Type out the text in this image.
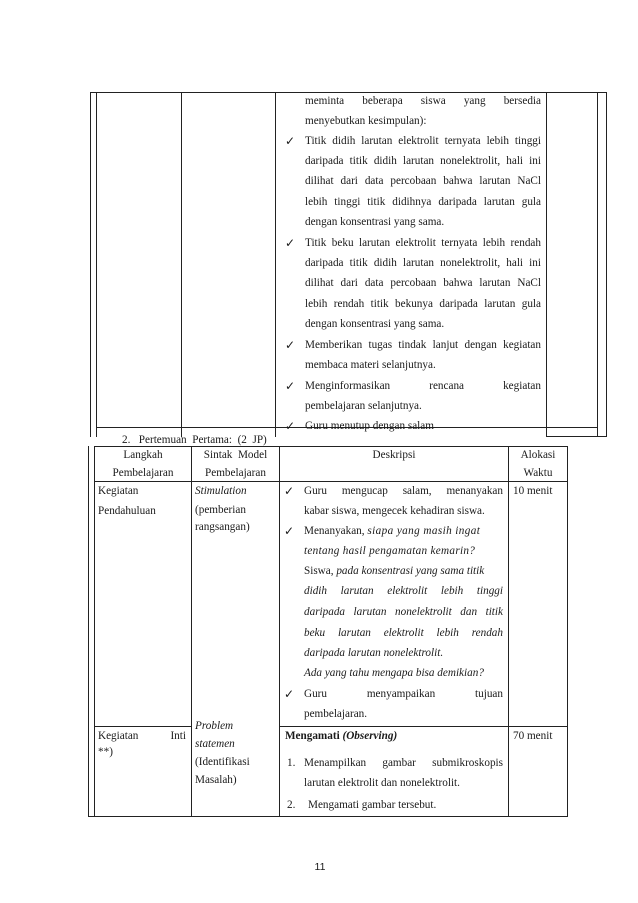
meminta beberapa siswa yang bersedia
menyebutkan kesimpulan):
✓ Titik didih larutan elektrolit ternyata lebih tinggi
daripada titik didih larutan nonelektrolit, hali ini
dilihat dari data percobaan bahwa larutan NaCl
lebih tinggi titik didihnya daripada larutan gula
dengan konsentrasi yang sama.
✓ Titik beku larutan elektrolit ternyata lebih rendah
daripada titik didih larutan nonelektrolit, hali ini
dilihat dari data percobaan bahwa larutan NaCl
lebih rendah titik bekunya daripada larutan gula
dengan konsentrasi yang sama.
✓ Memberikan tugas tindak lanjut dengan kegiatan
membaca materi selanjutnya.
✓ Menginformasikan rencana kegiatan
pembelajaran selanjutnya.
✓ Guru menutup dengan salam
2.   Pertemuan  Pertama:  (2  JP)
Langkah
Pembelajaran
Sintak  Model
Pembelajaran
Deskripsi	Alokasi
Waktu
Kegiatan
Pendahuluan
Stimulation
(pemberian
rangsangan)
10 menit
✓ Guru mengucap salam, menanyakan
kabar siswa, mengecek kehadiran siswa.
✓ Menanyakan, siapa yang masih ingat
tentang hasil pengamatan kemarin?
Siswa, pada konsentrasi yang sama titik
didih larutan elektrolit lebih tinggi
daripada larutan nonelektrolit dan titik
beku larutan elektrolit lebih rendah
daripada larutan nonelektrolit.
Ada yang tahu mengapa bisa demikian?
✓ Guru menyampaikan tujuan
pembelajaran.
Kegiatan  Inti
**)
Problem
statemen
(Identifikasi
Masalah)
70 menit
Mengamati (Observing)
1. Menampilkan  gambar  submikroskopis
larutan elektrolit dan nonelektrolit.
2. Mengamati gambar tersebut.
11
